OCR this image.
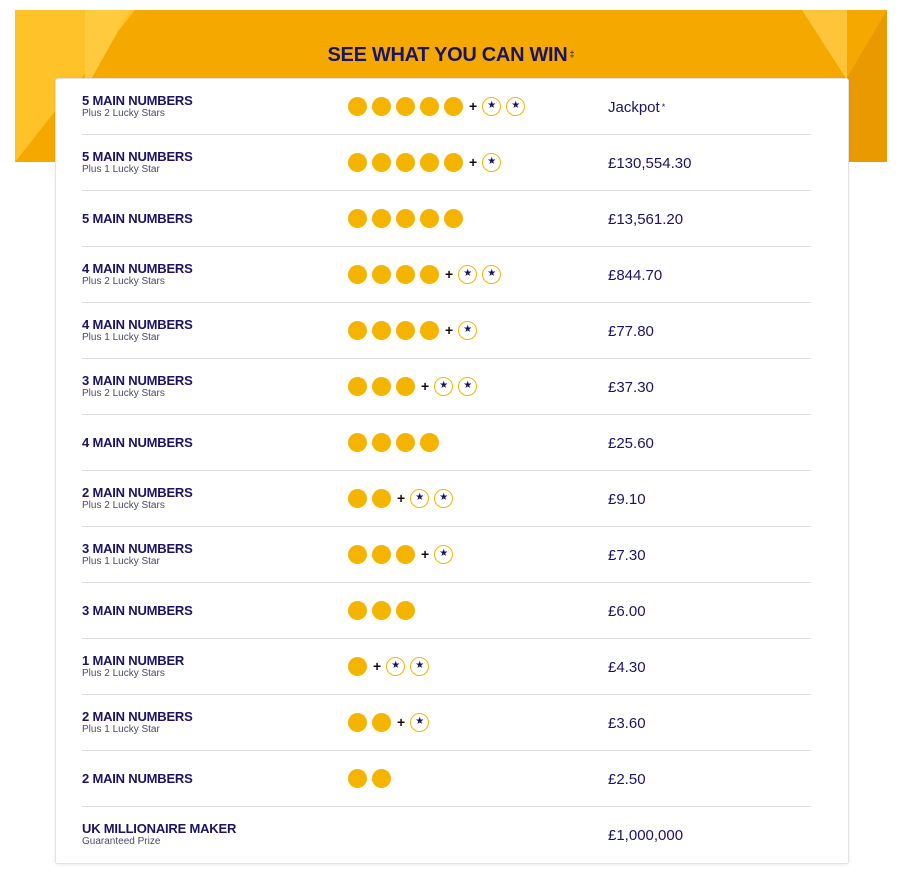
SEE WHAT YOU CAN WIN ‡
5 MAIN NUMBERS
Plus 2 Lucky Stars	+	★	★	Jackpot *
5 MAIN NUMBERS
Plus 1 Lucky Star	+	★	£130,554.30
5 MAIN NUMBERS	£13,561.20
4 MAIN NUMBERS
Plus 2 Lucky Stars	+	★	★	£844.70
4 MAIN NUMBERS
Plus 1 Lucky Star	+	★	£77.80
3 MAIN NUMBERS
Plus 2 Lucky Stars	+	★	★	£37.30
4 MAIN NUMBERS	£25.60
2 MAIN NUMBERS
Plus 2 Lucky Stars	+	★	★	£9.10
3 MAIN NUMBERS
Plus 1 Lucky Star	+	★	£7.30
3 MAIN NUMBERS	£6.00
1 MAIN NUMBER
Plus 2 Lucky Stars	+	★	★	£4.30
2 MAIN NUMBERS
Plus 1 Lucky Star	+	★	£3.60
2 MAIN NUMBERS	£2.50
UK MILLIONAIRE MAKER
Guaranteed Prize	£1,000,000
